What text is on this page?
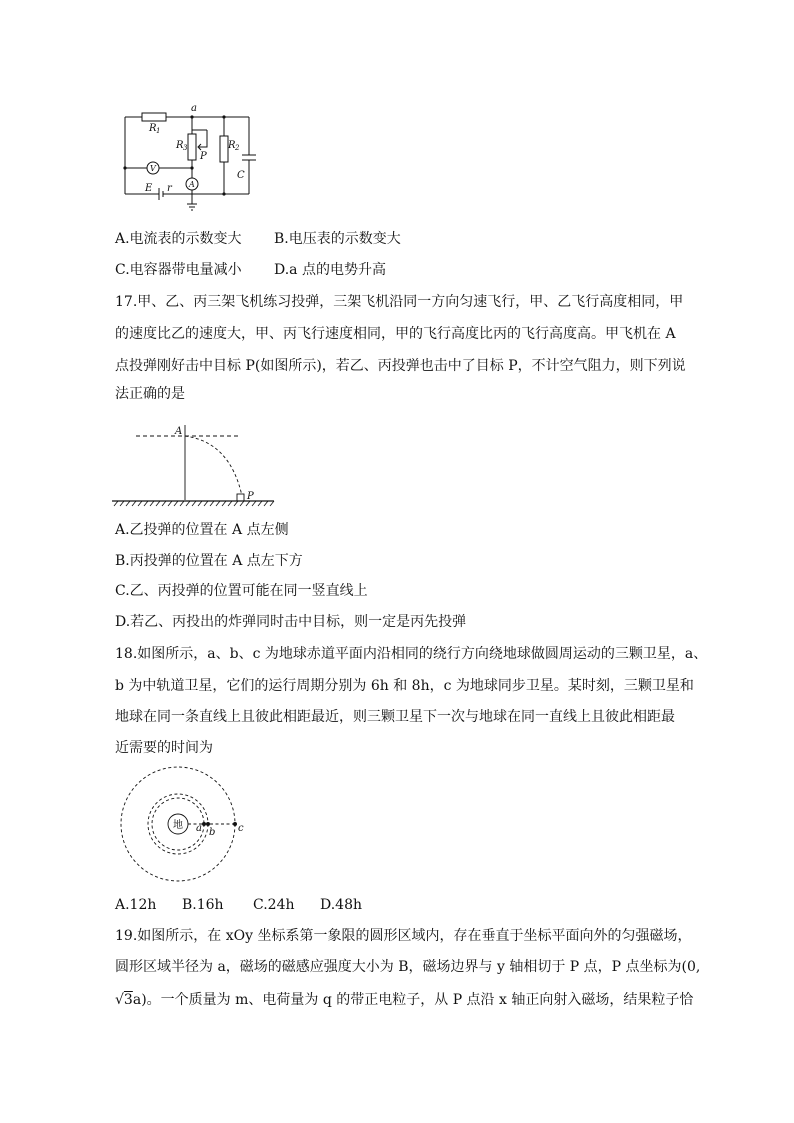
a
R 1
R 3
P
R 2
C
V
A
E r
A.电流表的示数变大 B.电压表的示数变大
C.电容器带电量减小 D.a 点的电势升高
17.甲、乙、丙三架飞机练习投弹，三架飞机沿同一方向匀速飞行，甲、乙飞行高度相同，甲
的速度比乙的速度大，甲、丙飞行速度相同，甲的飞行高度比丙的飞行高度高。甲飞机在 A
点投弹刚好击中目标 P(如图所示)，若乙、丙投弹也击中了目标 P，不计空气阻力，则下列说
法正确的是
A
P
A.乙投弹的位置在 A 点左侧
B.丙投弹的位置在 A 点左下方
C.乙、丙投弹的位置可能在同一竖直线上
D.若乙、丙投出的炸弹同时击中目标，则一定是丙先投弹
18.如图所示，a、b、c 为地球赤道平面内沿相同的绕行方向绕地球做圆周运动的三颗卫星，a、
b 为中轨道卫星，它们的运行周期分别为 6h 和 8h，c 为地球同步卫星。某时刻，三颗卫星和
地球在同一条直线上且彼此相距最近，则三颗卫星下一次与地球在同一直线上且彼此相距最
近需要的时间为
地 a b c
A.12h B.16h C.24h D.48h
19.如图所示，在 xOy 坐标系第一象限的圆形区域内，存在垂直于坐标平面向外的匀强磁场，
圆形区域半径为 a，磁场的磁感应强度大小为 B，磁场边界与 y 轴相切于 P 点，P 点坐标为(0,
√3a)。一个质量为 m、电荷量为 q 的带正电粒子，从 P 点沿 x 轴正向射入磁场，结果粒子恰
